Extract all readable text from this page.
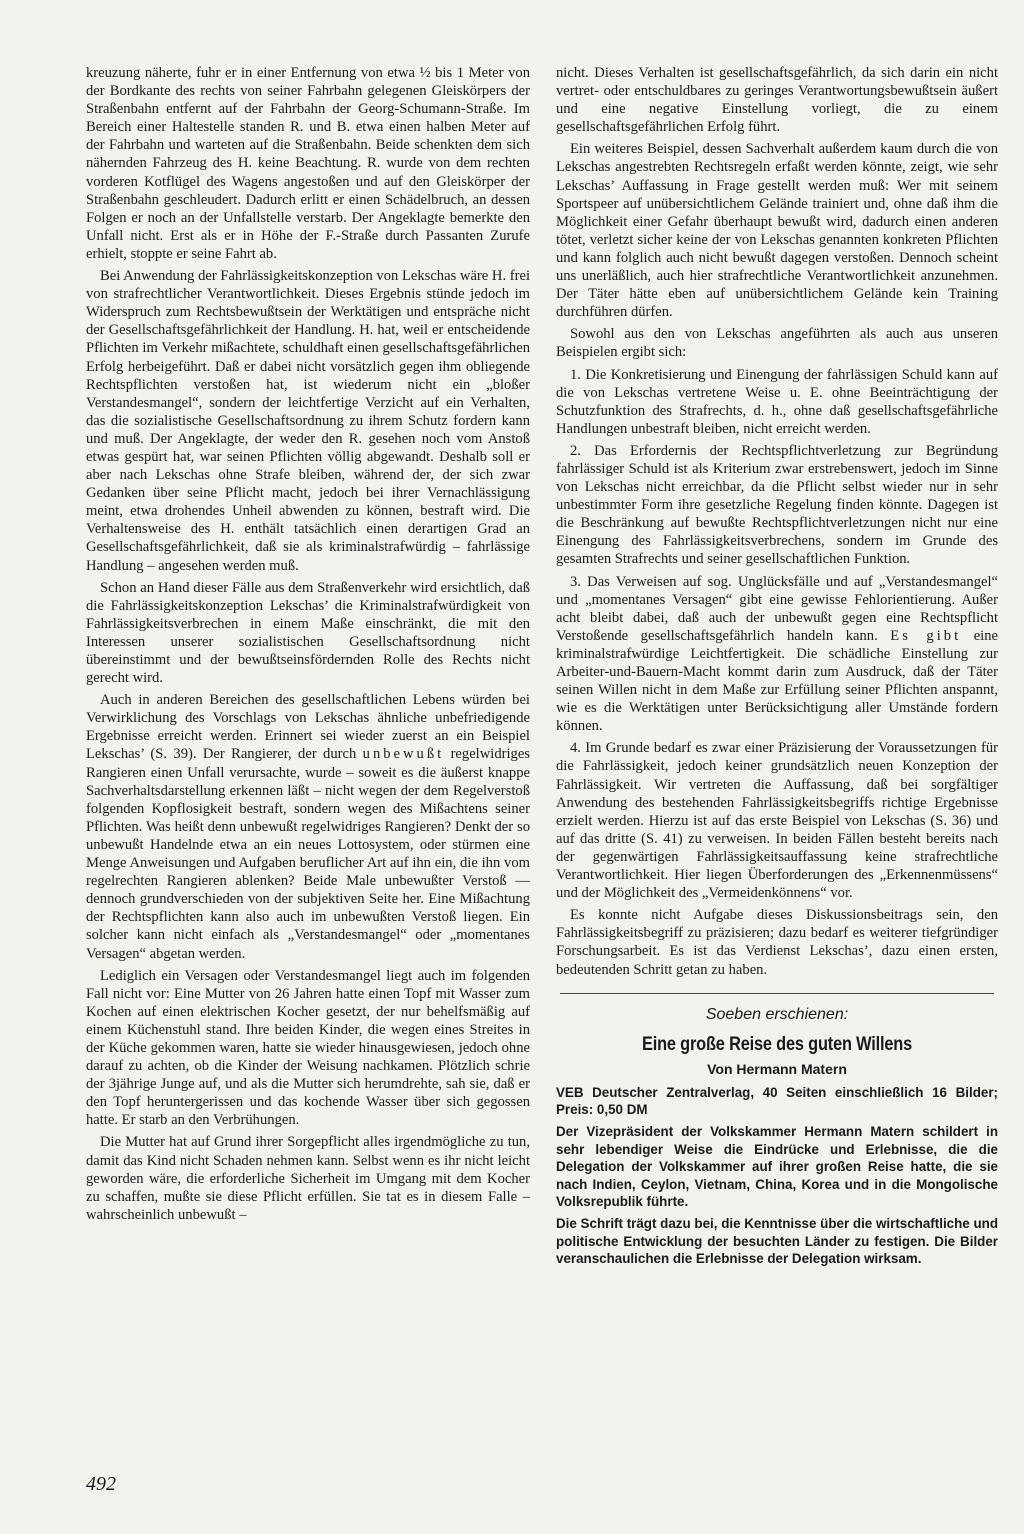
kreuzung näherte, fuhr er in einer Entfernung von etwa ½ bis 1 Meter von der Bordkante des rechts von seiner Fahrbahn gelegenen Gleiskörpers der Straßenbahn entfernt auf der Fahrbahn der Georg-Schumann-Straße. Im Bereich einer Haltestelle standen R. und B. etwa einen halben Meter auf der Fahrbahn und warteten auf die Straßenbahn. Beide schenkten dem sich nähernden Fahrzeug des H. keine Beachtung. R. wurde von dem rechten vorderen Kotflügel des Wagens angestoßen und auf den Gleiskörper der Straßenbahn geschleudert. Dadurch erlitt er einen Schädelbruch, an dessen Folgen er noch an der Unfallstelle verstarb. Der Angeklagte bemerkte den Unfall nicht. Erst als er in Höhe der F.-Straße durch Passanten Zurufe erhielt, stoppte er seine Fahrt ab.

Bei Anwendung der Fahrlässigkeitskonzeption von Lekschas wäre H. frei von strafrechtlicher Verantwortlichkeit. Dieses Ergebnis stünde jedoch im Widerspruch zum Rechtsbewußtsein der Werktätigen und entspräche nicht der Gesellschaftsgefährlichkeit der Handlung. H. hat, weil er entscheidende Pflichten im Verkehr mißachtete, schuldhaft einen gesellschaftsgefährlichen Erfolg herbeigeführt. Daß er dabei nicht vorsätzlich gegen ihm obliegende Rechtspflichten verstoßen hat, ist wiederum nicht ein „bloßer Verstandesmangel“, sondern der leichtfertige Verzicht auf ein Verhalten, das die sozialistische Gesellschaftsordnung zu ihrem Schutz fordern kann und muß. Der Angeklagte, der weder den R. gesehen noch vom Anstoß etwas gespürt hat, war seinen Pflichten völlig abgewandt. Deshalb soll er aber nach Lekschas ohne Strafe bleiben, während der, der sich zwar Gedanken über seine Pflicht macht, jedoch bei ihrer Vernachlässigung meint, etwa drohendes Unheil abwenden zu können, bestraft wird. Die Verhaltensweise des H. enthält tatsächlich einen derartigen Grad an Gesellschaftsgefährlichkeit, daß sie als kriminalstrafwürdig – fahrlässige Handlung – angesehen werden muß.

Schon an Hand dieser Fälle aus dem Straßenverkehr wird ersichtlich, daß die Fahrlässigkeitskonzeption Lekschas’ die Kriminalstrafwürdigkeit von Fahrlässigkeitsverbrechen in einem Maße einschränkt, die mit den Interessen unserer sozialistischen Gesellschaftsordnung nicht übereinstimmt und der bewußtseinsfördernden Rolle des Rechts nicht gerecht wird.

Auch in anderen Bereichen des gesellschaftlichen Lebens würden bei Verwirklichung des Vorschlags von Lekschas ähnliche unbefriedigende Ergebnisse erreicht werden. Erinnert sei wieder zuerst an ein Beispiel Lekschas’ (S. 39). Der Rangierer, der durch unbewußt regelwidriges Rangieren einen Unfall verursachte, wurde – soweit es die äußerst knappe Sachverhaltsdarstellung erkennen läßt – nicht wegen der dem Regelverstoß folgenden Kopflosigkeit bestraft, sondern wegen des Mißachtens seiner Pflichten. Was heißt denn unbewußt regelwidriges Rangieren? Denkt der so unbewußt Handelnde etwa an ein neues Lottosystem, oder stürmen eine Menge Anweisungen und Aufgaben beruflicher Art auf ihn ein, die ihn vom regelrechten Rangieren ablenken? Beide Male unbewußter Verstoß — dennoch grundverschieden von der subjektiven Seite her. Eine Mißachtung der Rechtspflichten kann also auch im unbewußten Verstoß liegen. Ein solcher kann nicht einfach als „Verstandesmangel“ oder „momentanes Versagen“ abgetan werden.

Lediglich ein Versagen oder Verstandesmangel liegt auch im folgenden Fall nicht vor: Eine Mutter von 26 Jahren hatte einen Topf mit Wasser zum Kochen auf einen elektrischen Kocher gesetzt, der nur behelfsmäßig auf einem Küchenstuhl stand. Ihre beiden Kinder, die wegen eines Streites in der Küche gekommen waren, hatte sie wieder hinausgewiesen, jedoch ohne darauf zu achten, ob die Kinder der Weisung nachkamen. Plötzlich schrie der 3jährige Junge auf, und als die Mutter sich herumdrehte, sah sie, daß er den Topf heruntergerissen und das kochende Wasser über sich gegossen hatte. Er starb an den Verbrühungen.

Die Mutter hat auf Grund ihrer Sorgepflicht alles irgendmögliche zu tun, damit das Kind nicht Schaden nehmen kann. Selbst wenn es ihr nicht leicht geworden wäre, die erforderliche Sicherheit im Umgang mit dem Kocher zu schaffen, mußte sie diese Pflicht erfüllen. Sie tat es in diesem Falle – wahrscheinlich unbewußt –

nicht. Dieses Verhalten ist gesellschaftsgefährlich, da sich darin ein nicht vertret- oder entschuldbares zu geringes Verantwortungsbewußtsein äußert und eine negative Einstellung vorliegt, die zu einem gesellschaftsgefährlichen Erfolg führt.

Ein weiteres Beispiel, dessen Sachverhalt außerdem kaum durch die von Lekschas angestrebten Rechtsregeln erfaßt werden könnte, zeigt, wie sehr Lekschas’ Auffassung in Frage gestellt werden muß: Wer mit seinem Sportspeer auf unübersichtlichem Gelände trainiert und, ohne daß ihm die Möglichkeit einer Gefahr überhaupt bewußt wird, dadurch einen anderen tötet, verletzt sicher keine der von Lekschas genannten konkreten Pflichten und kann folglich auch nicht bewußt dagegen verstoßen. Dennoch scheint uns unerläßlich, auch hier strafrechtliche Verantwortlichkeit anzunehmen. Der Täter hätte eben auf unübersichtlichem Gelände kein Training durchführen dürfen.

Sowohl aus den von Lekschas angeführten als auch aus unseren Beispielen ergibt sich:

1. Die Konkretisierung und Einengung der fahrlässigen Schuld kann auf die von Lekschas vertretene Weise u. E. ohne Beeinträchtigung der Schutzfunktion des Strafrechts, d. h., ohne daß gesellschaftsgefährliche Handlungen unbestraft bleiben, nicht erreicht werden.

2. Das Erfordernis der Rechtspflichtverletzung zur Begründung fahrlässiger Schuld ist als Kriterium zwar erstrebenswert, jedoch im Sinne von Lekschas nicht erreichbar, da die Pflicht selbst wieder nur in sehr unbestimmter Form ihre gesetzliche Regelung finden könnte. Dagegen ist die Beschränkung auf bewußte Rechtspflichtverletzungen nicht nur eine Einengung des Fahrlässigkeitsverbrechens, sondern im Grunde des gesamten Strafrechts und seiner gesellschaftlichen Funktion.

3. Das Verweisen auf sog. Unglücksfälle und auf „Verstandesmangel“ und „momentanes Versagen“ gibt eine gewisse Fehlorientierung. Außer acht bleibt dabei, daß auch der unbewußt gegen eine Rechtspflicht Verstoßende gesellschaftsgefährlich handeln kann. Es gibt eine kriminalstrafwürdige Leichtfertigkeit. Die schädliche Einstellung zur Arbeiter-und-Bauern-Macht kommt darin zum Ausdruck, daß der Täter seinen Willen nicht in dem Maße zur Erfüllung seiner Pflichten anspannt, wie es die Werktätigen unter Berücksichtigung aller Umstände fordern können.

4. Im Grunde bedarf es zwar einer Präzisierung der Voraussetzungen für die Fahrlässigkeit, jedoch keiner grundsätzlich neuen Konzeption der Fahrlässigkeit. Wir vertreten die Auffassung, daß bei sorgfältiger Anwendung des bestehenden Fahrlässigkeitsbegriffs richtige Ergebnisse erzielt werden. Hierzu ist auf das erste Beispiel von Lekschas (S. 36) und auf das dritte (S. 41) zu verweisen. In beiden Fällen besteht bereits nach der gegenwärtigen Fahrlässigkeitsauffassung keine strafrechtliche Verantwortlichkeit. Hier liegen Überforderungen des „Erkennenmüssens“ und der Möglichkeit des „Vermeidenkönnens“ vor.

Es konnte nicht Aufgabe dieses Diskussionsbeitrags sein, den Fahrlässigkeitsbegriff zu präzisieren; dazu bedarf es weiterer tiefgründiger Forschungsarbeit. Es ist das Verdienst Lekschas’, dazu einen ersten, bedeutenden Schritt getan zu haben.

Soeben erschienen:
Eine große Reise des guten Willens
Von Hermann Matern

VEB Deutscher Zentralverlag, 40 Seiten einschließlich 16 Bilder; Preis: 0,50 DM

Der Vizepräsident der Volkskammer Hermann Matern schildert in sehr lebendiger Weise die Eindrücke und Erlebnisse, die die Delegation der Volkskammer auf ihrer großen Reise hatte, die sie nach Indien, Ceylon, Vietnam, China, Korea und in die Mongolische Volksrepublik führte.

Die Schrift trägt dazu bei, die Kenntnisse über die wirtschaftliche und politische Entwicklung der besuchten Länder zu festigen. Die Bilder veranschaulichen die Erlebnisse der Delegation wirksam.

492
